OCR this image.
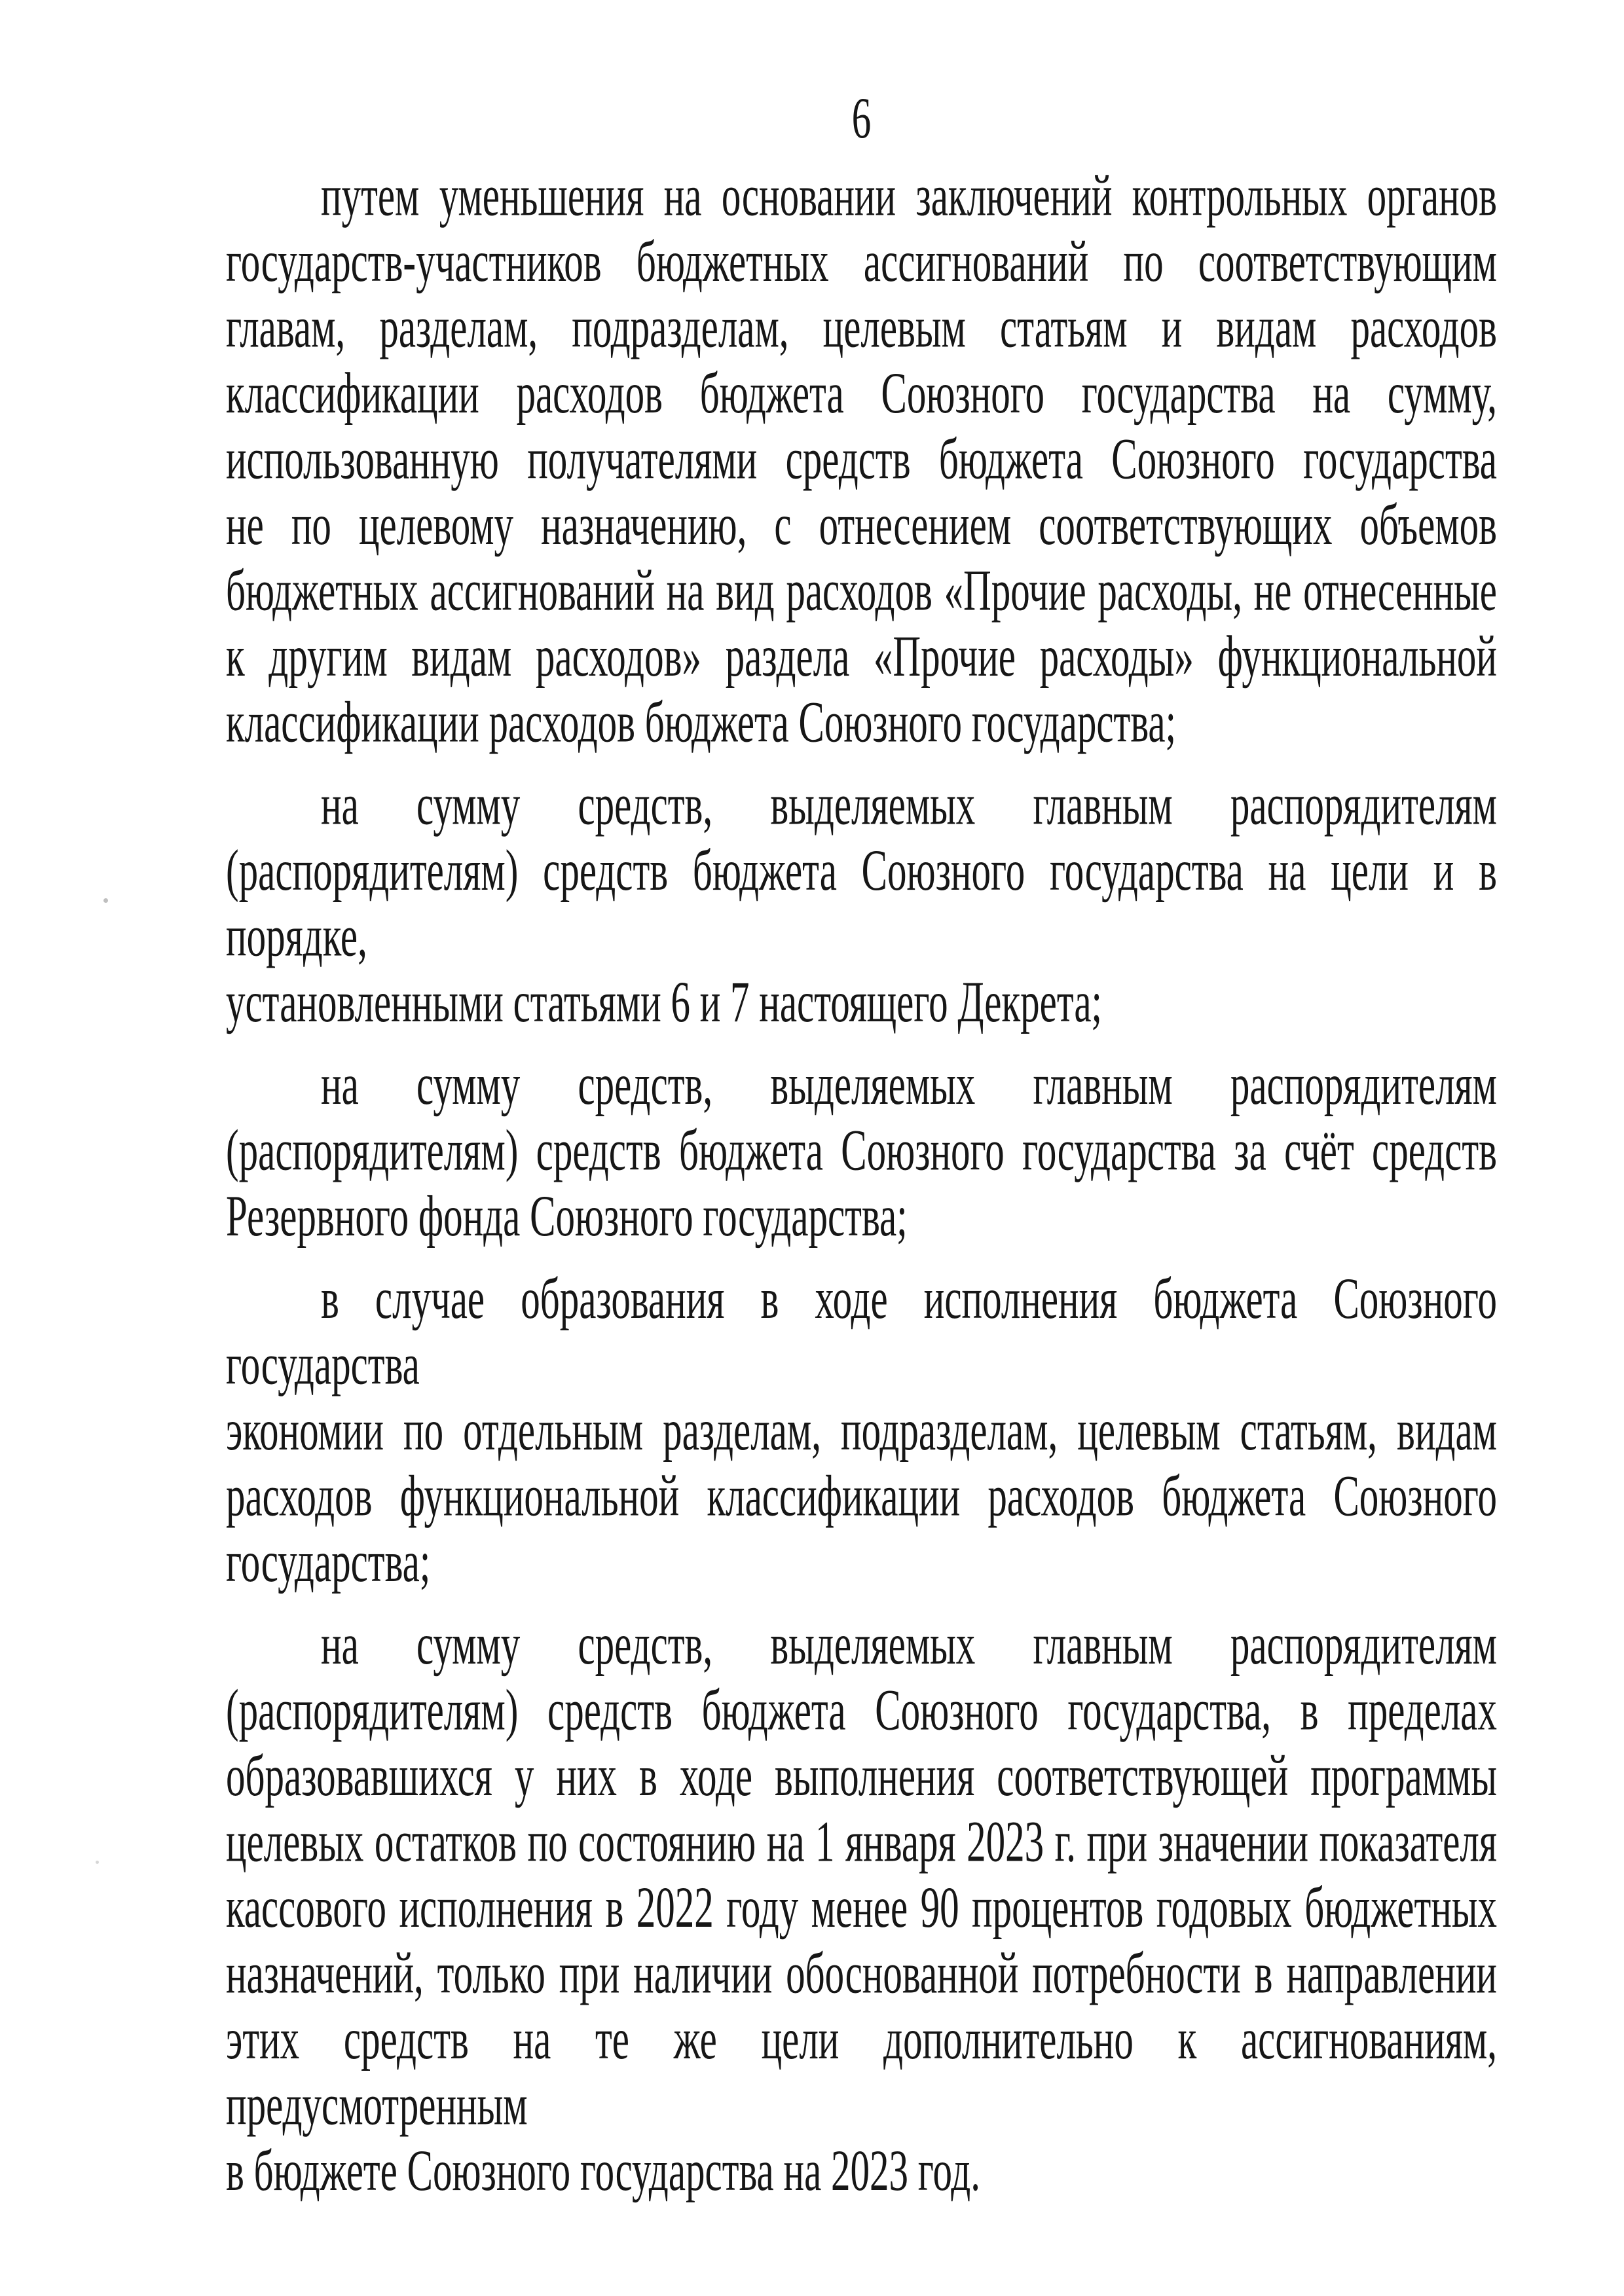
6
путем уменьшения на основании заключений контрольных органов
государств-участников бюджетных ассигнований по соответствующим
главам, разделам, подразделам, целевым статьям и видам расходов
классификации расходов бюджета Союзного государства на сумму,
использованную получателями средств бюджета Союзного государства
не по целевому назначению, с отнесением соответствующих объемов
бюджетных ассигнований на вид расходов «Прочие расходы, не отнесенные
к другим видам расходов» раздела «Прочие расходы» функциональной
классификации расходов бюджета Союзного государства;
на сумму средств, выделяемых главным распорядителям
(распорядителям) средств бюджета Союзного государства на цели и в порядке,
установленными статьями 6 и 7 настоящего Декрета;
на сумму средств, выделяемых главным распорядителям
(распорядителям) средств бюджета Союзного государства за счёт средств
Резервного фонда Союзного государства;
в случае образования в ходе исполнения бюджета Союзного государства
экономии по отдельным разделам, подразделам, целевым статьям, видам
расходов функциональной классификации расходов бюджета Союзного
государства;
на сумму средств, выделяемых главным распорядителям
(распорядителям) средств бюджета Союзного государства, в пределах
образовавшихся у них в ходе выполнения соответствующей программы
целевых остатков по состоянию на 1 января 2023 г. при значении показателя
кассового исполнения в 2022 году менее 90 процентов годовых бюджетных
назначений, только при наличии обоснованной потребности в направлении
этих средств на те же цели дополнительно к ассигнованиям, предусмотренным
в бюджете Союзного государства на 2023 год.
